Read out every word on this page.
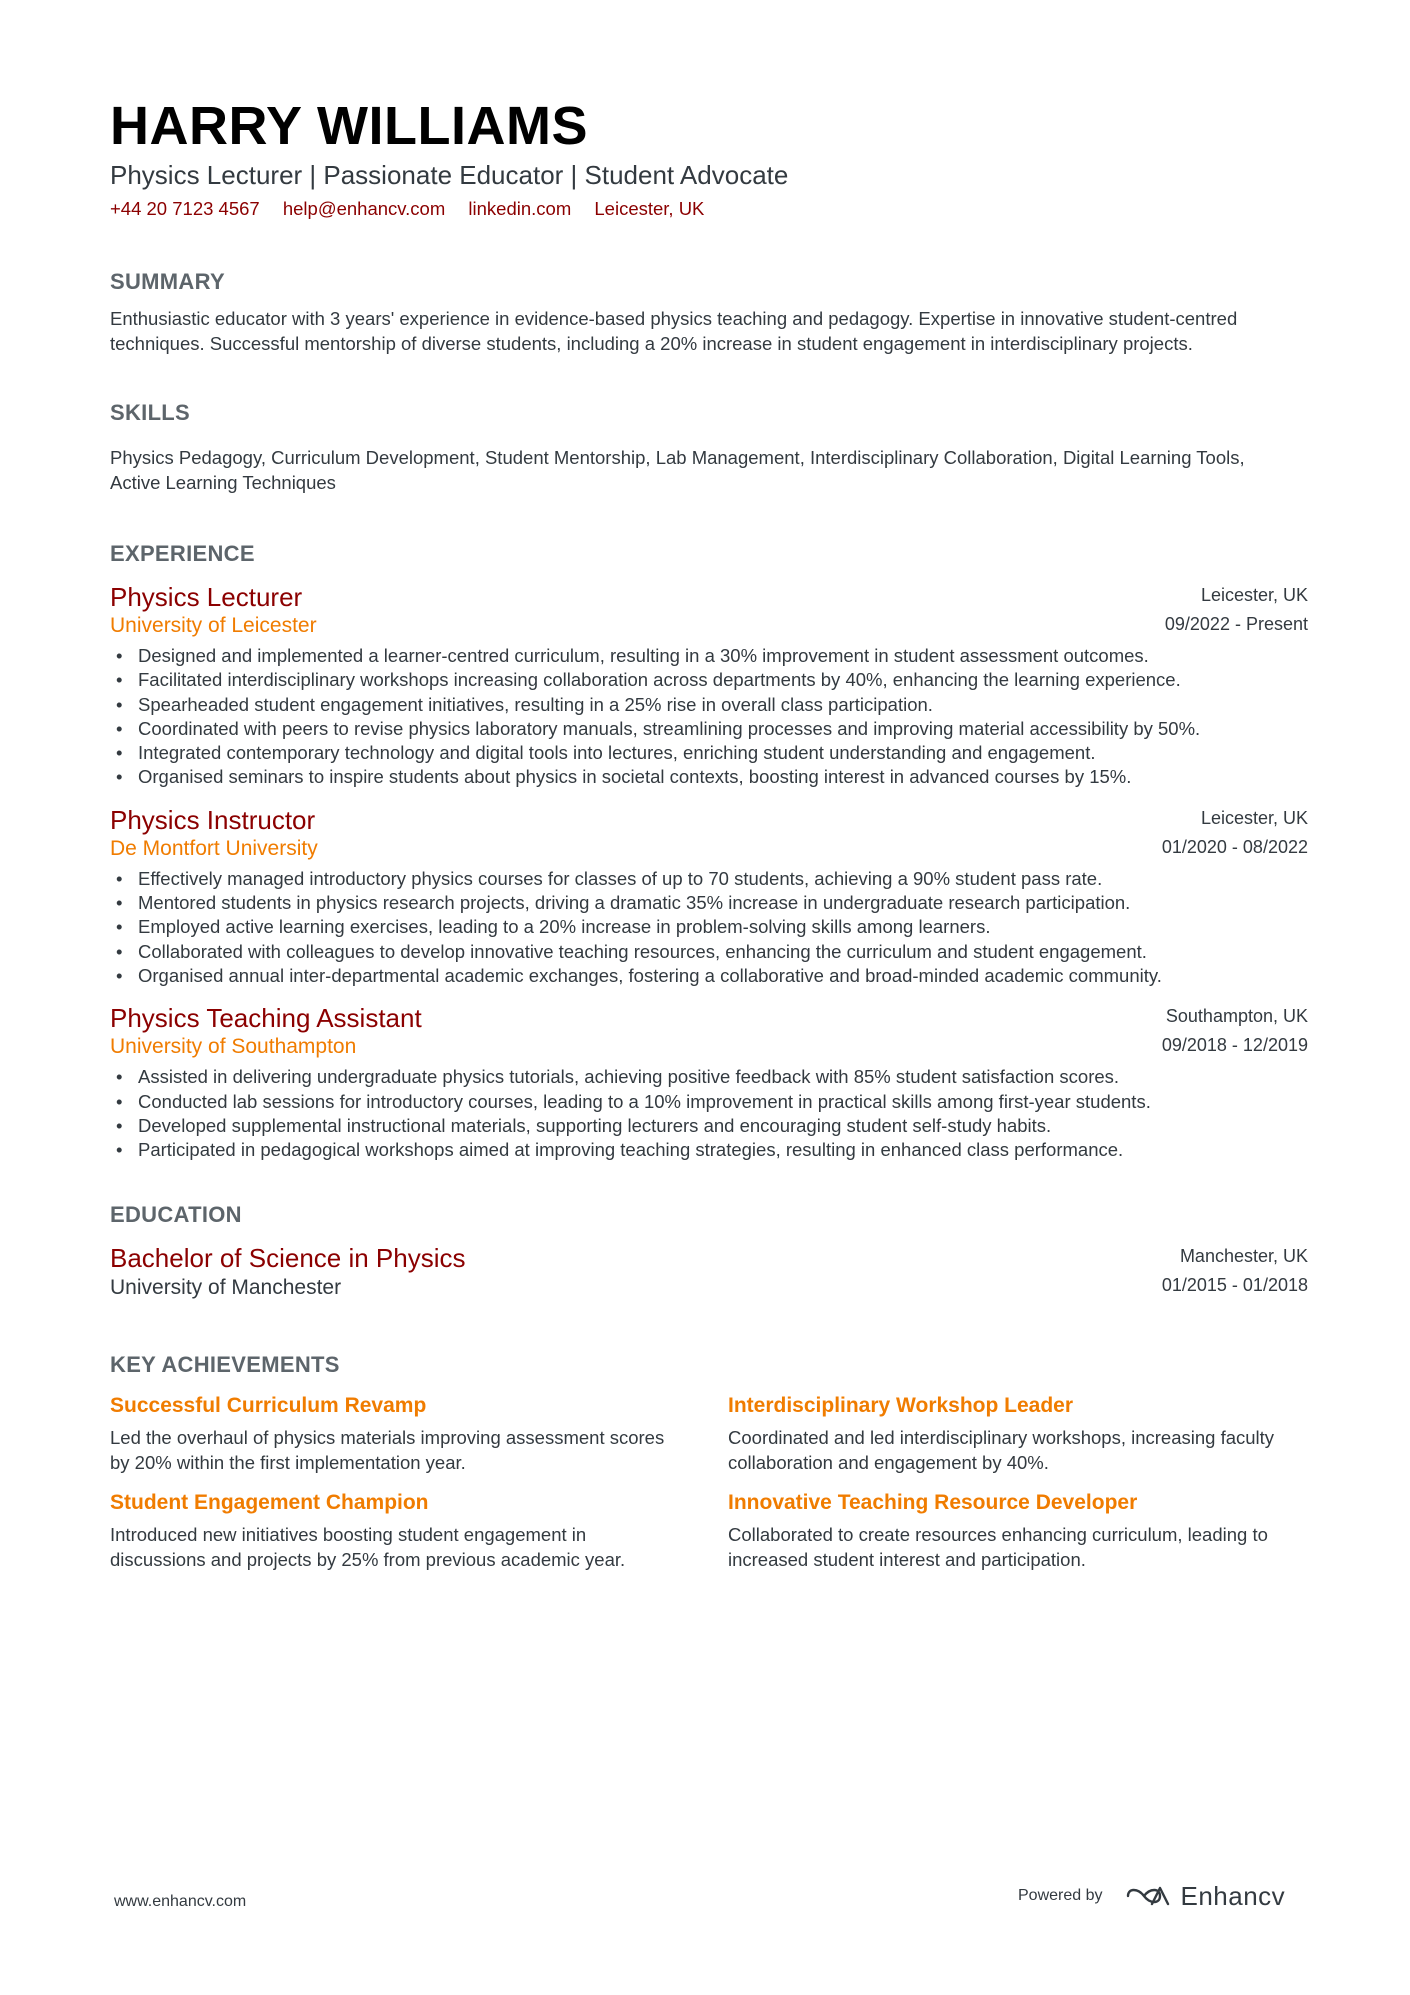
HARRY WILLIAMS
Physics Lecturer | Passionate Educator | Student Advocate
+44 20 7123 4567 help@enhancv.com linkedin.com Leicester, UK
SUMMARY
Enthusiastic educator with 3 years' experience in evidence-based physics teaching and pedagogy. Expertise in innovative student-centred techniques. Successful mentorship of diverse students, including a 20% increase in student engagement in interdisciplinary projects.
SKILLS
Physics Pedagogy , Curriculum Development , Student Mentorship , Lab Management , Interdisciplinary Collaboration , Digital Learning Tools , Active Learning Techniques
EXPERIENCE
Physics Lecturer
University of Leicester
Leicester, UK
09/2022 - Present
• Designed and implemented a learner-centred curriculum, resulting in a 30% improvement in student assessment outcomes.
• Facilitated interdisciplinary workshops increasing collaboration across departments by 40%, enhancing the learning experience.
• Spearheaded student engagement initiatives, resulting in a 25% rise in overall class participation.
• Coordinated with peers to revise physics laboratory manuals, streamlining processes and improving material accessibility by 50%.
• Integrated contemporary technology and digital tools into lectures, enriching student understanding and engagement.
• Organised seminars to inspire students about physics in societal contexts, boosting interest in advanced courses by 15%.
Physics Instructor
De Montfort University
Leicester, UK
01/2020 - 08/2022
• Effectively managed introductory physics courses for classes of up to 70 students, achieving a 90% student pass rate.
• Mentored students in physics research projects, driving a dramatic 35% increase in undergraduate research participation.
• Employed active learning exercises, leading to a 20% increase in problem-solving skills among learners.
• Collaborated with colleagues to develop innovative teaching resources, enhancing the curriculum and student engagement.
• Organised annual inter-departmental academic exchanges, fostering a collaborative and broad-minded academic community.
Physics Teaching Assistant
University of Southampton
Southampton, UK
09/2018 - 12/2019
• Assisted in delivering undergraduate physics tutorials, achieving positive feedback with 85% student satisfaction scores.
• Conducted lab sessions for introductory courses, leading to a 10% improvement in practical skills among first-year students.
• Developed supplemental instructional materials, supporting lecturers and encouraging student self-study habits.
• Participated in pedagogical workshops aimed at improving teaching strategies, resulting in enhanced class performance.
EDUCATION
Bachelor of Science in Physics
University of Manchester
Manchester, UK
01/2015 - 01/2018
KEY ACHIEVEMENTS
Successful Curriculum Revamp
Led the overhaul of physics materials improving assessment scores by 20% within the first implementation year.
Interdisciplinary Workshop Leader
Coordinated and led interdisciplinary workshops, increasing faculty collaboration and engagement by 40%.
Student Engagement Champion
Introduced new initiatives boosting student engagement in discussions and projects by 25% from previous academic year.
Innovative Teaching Resource Developer
Collaborated to create resources enhancing curriculum, leading to increased student interest and participation.
www.enhancv.com	Powered by	Enhancv
